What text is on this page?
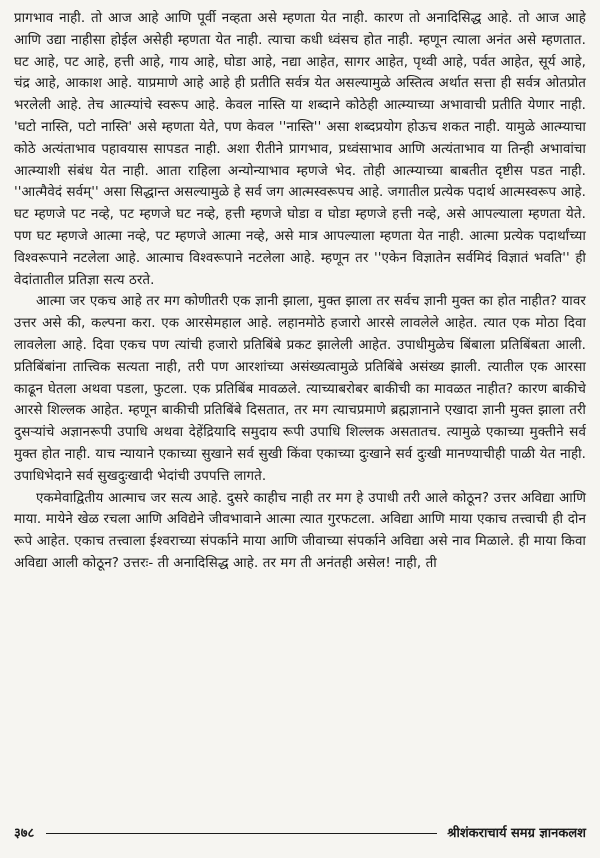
प्रागभाव नाही. तो आज आहे आणि पूर्वी नव्हता असे म्हणता येत नाही. कारण तो अनादिसिद्ध आहे. तो आज आहे आणि उद्या नाहीसा होईल असेही म्हणता येत नाही. त्याचा कधी ध्वंसच होत नाही. म्हणून त्याला अनंत असे म्हणतात. घट आहे, पट आहे, हत्ती आहे, गाय आहे, घोडा आहे, नद्या आहेत, सागर आहेत, पृथ्वी आहे, पर्वत आहेत, सूर्य आहे, चंद्र आहे, आकाश आहे. याप्रमाणे आहे आहे ही प्रतीति सर्वत्र येत असल्यामुळे अस्तित्व अर्थात सत्ता ही सर्वत्र ओतप्रोत भरलेली आहे. तेच आत्म्यांचे स्वरूप आहे. केवल नास्ति या शब्दाने कोठेही आत्म्याच्या अभावाची प्रतीति येणार नाही. 'घटो नास्ति, पटो नास्ति' असे म्हणता येते, पण केवल ''नास्ति'' असा शब्दप्रयोग होऊच शकत नाही. यामुळे आत्म्याचा कोठे अत्यंताभाव पहावयास सापडत नाही. अशा रीतीने प्रागभाव, प्रध्वंसाभाव आणि अत्यंताभाव या तिन्ही अभावांचा आत्म्याशी संबंध येत नाही. आता राहिला अन्योन्याभाव म्हणजे भेद. तोही आत्म्याच्या बाबतीत दृष्टीस पडत नाही. ''आत्मैवेदं सर्वम्'' असा सिद्धान्त असल्यामुळे हे सर्व जग आत्मस्वरूपच आहे. जगातील प्रत्येक पदार्थ आत्मस्वरूप आहे. घट म्हणजे पट नव्हे, पट म्हणजे घट नव्हे, हत्ती म्हणजे घोडा व घोडा म्हणजे हत्ती नव्हे, असे आपल्याला म्हणता येते. पण घट म्हणजे आत्मा नव्हे, पट म्हणजे आत्मा नव्हे, असे मात्र आपल्याला म्हणता येत नाही. आत्मा प्रत्येक पदार्थांच्या विश्वरूपाने नटलेला आहे. आत्माच विश्वरूपाने नटलेला आहे. म्हणून तर ''एकेन विज्ञातेन सर्वमिदं विज्ञातं भवति'' ही वेदांतातील प्रतिज्ञा सत्य ठरते.

आत्मा जर एकच आहे तर मग कोणीतरी एक ज्ञानी झाला, मुक्त झाला तर सर्वच ज्ञानी मुक्त का होत नाहीत? यावर उत्तर असे की, कल्पना करा. एक आरसेमहाल आहे. लहानमोठे हजारो आरसे लावलेले आहेत. त्यात एक मोठा दिवा लावलेला आहे. दिवा एकच पण त्यांची हजारो प्रतिबिंबे प्रकट झालेली आहेत. उपाधीमुळेच बिंबाला प्रतिबिंबता आली. प्रतिबिंबांना तात्त्विक सत्यता नाही, तरी पण आरशांच्या असंख्यत्वामुळे प्रतिबिंबे असंख्य झाली. त्यातील एक आरसा काढून घेतला अथवा पडला, फुटला. एक प्रतिबिंब मावळले. त्याच्याबरोबर बाकीची का मावळत नाहीत? कारण बाकीचे आरसे शिल्लक आहेत. म्हणून बाकीची प्रतिबिंबे दिसतात, तर मग त्याचप्रमाणे ब्रह्मज्ञानाने एखादा ज्ञानी मुक्त झाला तरी दुसऱ्यांचे अज्ञानरूपी उपाधि अथवा देहेंद्रियादि समुदाय रूपी उपाधि शिल्लक असतातच. त्यामुळे एकाच्या मुक्तीने सर्व मुक्त होत नाही. याच न्यायाने एकाच्या सुखाने सर्व सुखी किंवा एकाच्या दुःखाने सर्व दुःखी मानण्याचीही पाळी येत नाही. उपाधिभेदाने सर्व सुखदुःखादी भेदांची उपपत्ति लागते.

एकमेवाद्वितीय आत्माच जर सत्य आहे. दुसरे काहीच नाही तर मग हे उपाधी तरी आले कोठून? उत्तर अविद्या आणि माया. मायेने खेळ रचला आणि अविद्येने जीवभावाने आत्मा त्यात गुरफटला. अविद्या आणि माया एकाच तत्त्वाची ही दोन रूपे आहेत. एकाच तत्त्वाला ईश्वराच्या संपर्काने माया आणि जीवाच्या संपर्काने अविद्या असे नाव मिळाले. ही माया किवा अविद्या आली कोठून? उत्तरः- ती अनादिसिद्ध आहे. तर मग ती अनंतही असेल! नाही, ती

३७८	श्रीशंकराचार्य समग्र ज्ञानकलश
